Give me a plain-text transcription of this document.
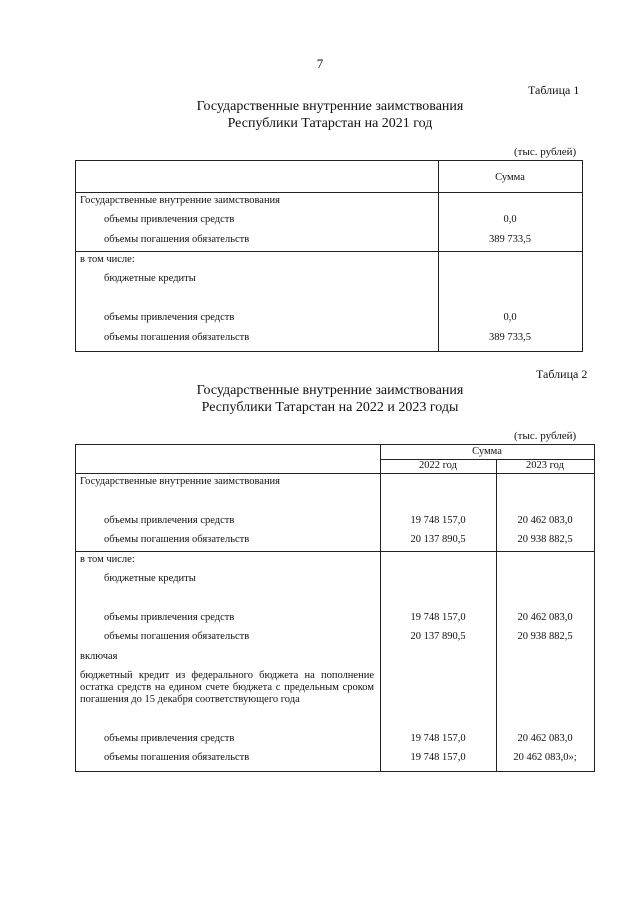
7
Таблица 1
Государственные внутренние заимствования
Республики Татарстан на 2021 год
(тыс. рублей)
Сумма
Государственные внутренние заимствования
объемы привлечения средств	0,0
объемы погашения обязательств	389 733,5
в том числе:
бюджетные кредиты
объемы привлечения средств	0,0
объемы погашения обязательств	389 733,5
Таблица 2
Государственные внутренние заимствования
Республики Татарстан на 2022 и 2023 годы
(тыс. рублей)
Сумма
2022 год	2023 год
Государственные внутренние заимствования
объемы привлечения средств	19 748 157,0	20 462 083,0
объемы погашения обязательств	20 137 890,5	20 938 882,5
в том числе:
бюджетные кредиты
объемы привлечения средств	19 748 157,0	20 462 083,0
объемы погашения обязательств	20 137 890,5	20 938 882,5
включая
бюджетный кредит из федерального бюджета на пополнение остатка средств на едином счете бюджета с предельным сроком погашения до 15 декабря соответствующего года
объемы привлечения средств	19 748 157,0	20 462 083,0
объемы погашения обязательств	19 748 157,0	20 462 083,0»;
